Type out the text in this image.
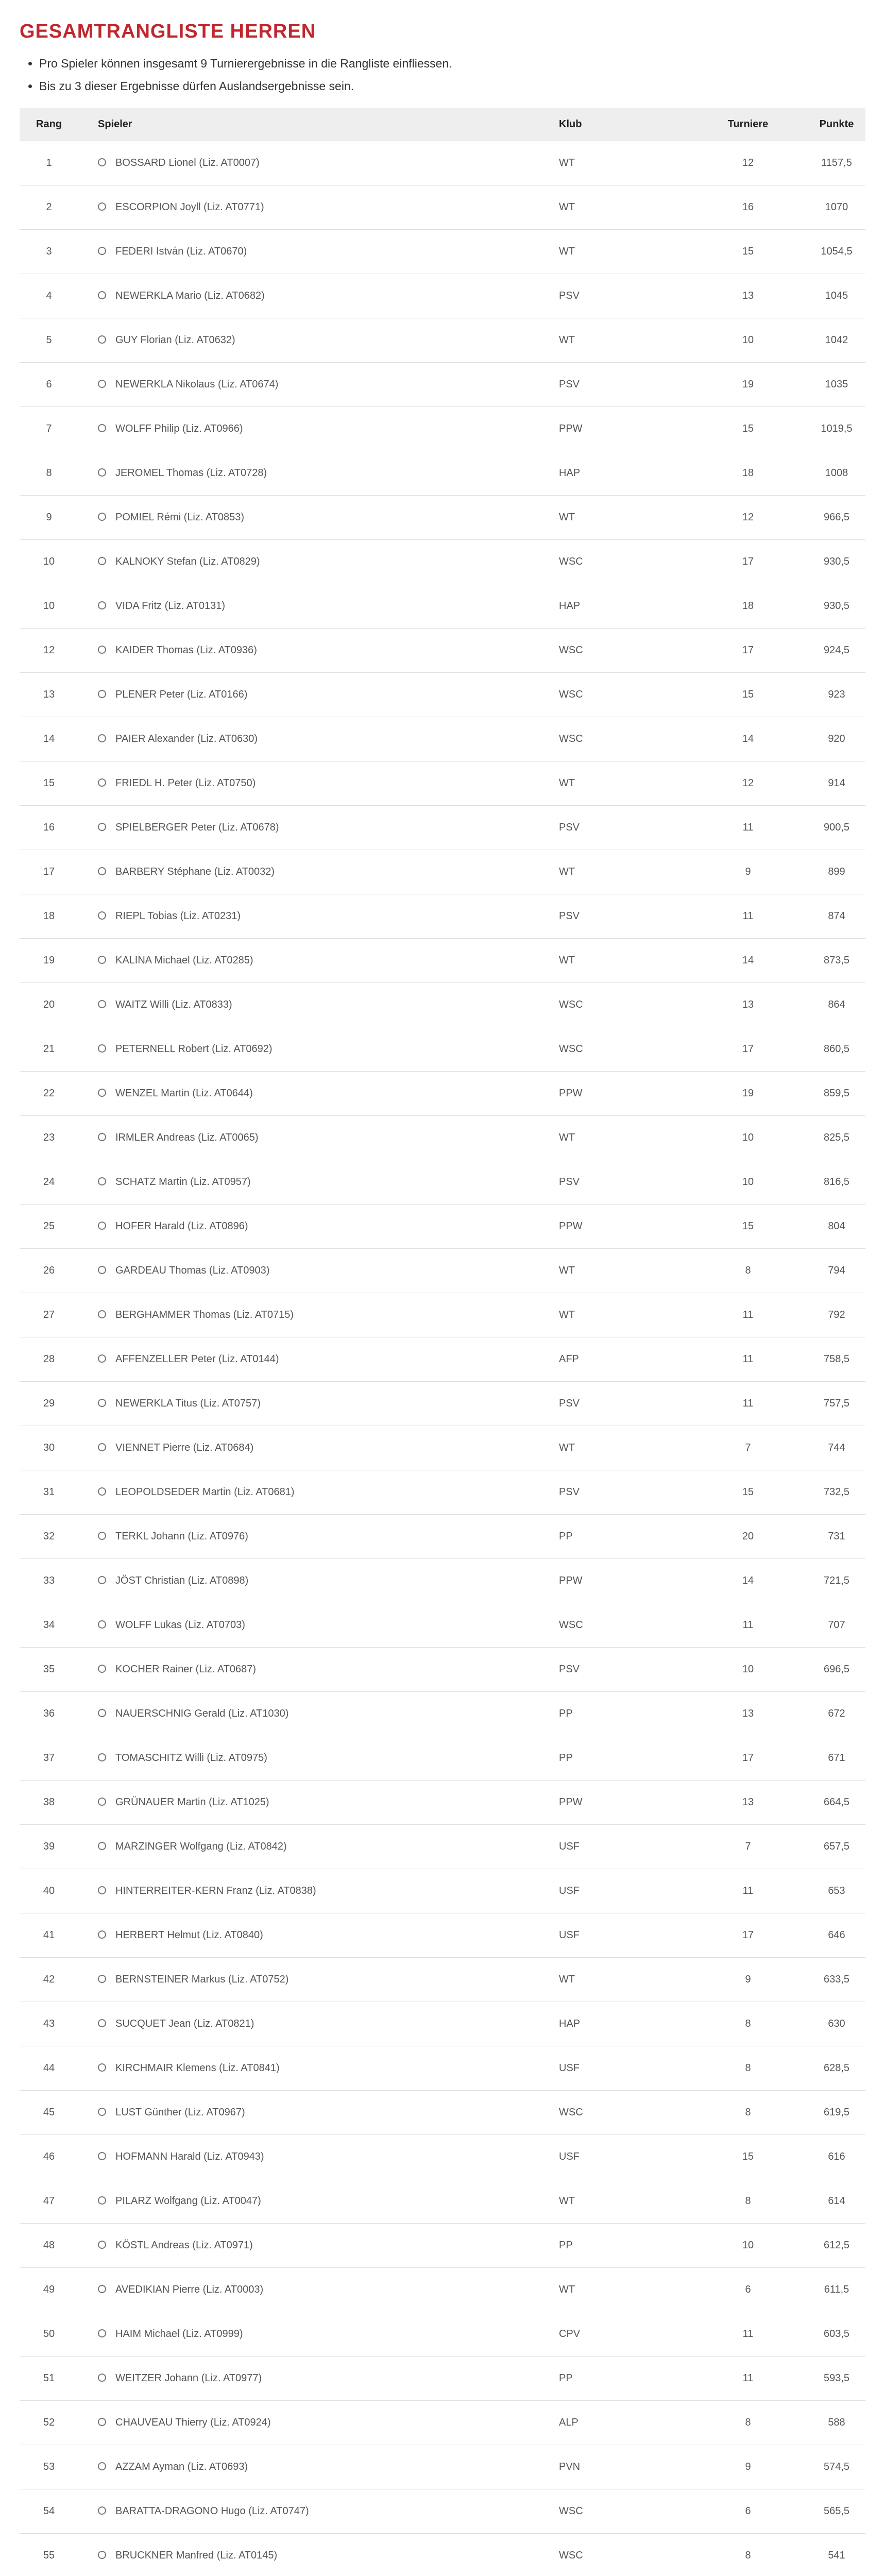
GESAMTRANGLISTE HERREN
• Pro Spieler können insgesamt 9 Turnierergebnisse in die Rangliste einfliessen.
• Bis zu 3 dieser Ergebnisse dürfen Auslandsergebnisse sein.
Rang	Spieler	Klub	Turniere	Punkte
1	BOSSARD Lionel (Liz. AT0007)	WT	12	1157,5
2	ESCORPION Joyll (Liz. AT0771)	WT	16	1070
3	FEDERI István (Liz. AT0670)	WT	15	1054,5
4	NEWERKLA Mario (Liz. AT0682)	PSV	13	1045
5	GUY Florian (Liz. AT0632)	WT	10	1042
6	NEWERKLA Nikolaus (Liz. AT0674)	PSV	19	1035
7	WOLFF Philip (Liz. AT0966)	PPW	15	1019,5
8	JEROMEL Thomas (Liz. AT0728)	HAP	18	1008
9	POMIEL Rémi (Liz. AT0853)	WT	12	966,5
10	KALNOKY Stefan (Liz. AT0829)	WSC	17	930,5
10	VIDA Fritz (Liz. AT0131)	HAP	18	930,5
12	KAIDER Thomas (Liz. AT0936)	WSC	17	924,5
13	PLENER Peter (Liz. AT0166)	WSC	15	923
14	PAIER Alexander (Liz. AT0630)	WSC	14	920
15	FRIEDL H. Peter (Liz. AT0750)	WT	12	914
16	SPIELBERGER Peter (Liz. AT0678)	PSV	11	900,5
17	BARBERY Stéphane (Liz. AT0032)	WT	9	899
18	RIEPL Tobias (Liz. AT0231)	PSV	11	874
19	KALINA Michael (Liz. AT0285)	WT	14	873,5
20	WAITZ Willi (Liz. AT0833)	WSC	13	864
21	PETERNELL Robert (Liz. AT0692)	WSC	17	860,5
22	WENZEL Martin (Liz. AT0644)	PPW	19	859,5
23	IRMLER Andreas (Liz. AT0065)	WT	10	825,5
24	SCHATZ Martin (Liz. AT0957)	PSV	10	816,5
25	HOFER Harald (Liz. AT0896)	PPW	15	804
26	GARDEAU Thomas (Liz. AT0903)	WT	8	794
27	BERGHAMMER Thomas (Liz. AT0715)	WT	11	792
28	AFFENZELLER Peter (Liz. AT0144)	AFP	11	758,5
29	NEWERKLA Titus (Liz. AT0757)	PSV	11	757,5
30	VIENNET Pierre (Liz. AT0684)	WT	7	744
31	LEOPOLDSEDER Martin (Liz. AT0681)	PSV	15	732,5
32	TERKL Johann (Liz. AT0976)	PP	20	731
33	JÖST Christian (Liz. AT0898)	PPW	14	721,5
34	WOLFF Lukas (Liz. AT0703)	WSC	11	707
35	KOCHER Rainer (Liz. AT0687)	PSV	10	696,5
36	NAUERSCHNIG Gerald (Liz. AT1030)	PP	13	672
37	TOMASCHITZ Willi (Liz. AT0975)	PP	17	671
38	GRÜNAUER Martin (Liz. AT1025)	PPW	13	664,5
39	MARZINGER Wolfgang (Liz. AT0842)	USF	7	657,5
40	HINTERREITER-KERN Franz (Liz. AT0838)	USF	11	653
41	HERBERT Helmut (Liz. AT0840)	USF	17	646
42	BERNSTEINER Markus (Liz. AT0752)	WT	9	633,5
43	SUCQUET Jean (Liz. AT0821)	HAP	8	630
44	KIRCHMAIR Klemens (Liz. AT0841)	USF	8	628,5
45	LUST Günther (Liz. AT0967)	WSC	8	619,5
46	HOFMANN Harald (Liz. AT0943)	USF	15	616
47	PILARZ Wolfgang (Liz. AT0047)	WT	8	614
48	KÖSTL Andreas (Liz. AT0971)	PP	10	612,5
49	AVEDIKIAN Pierre (Liz. AT0003)	WT	6	611,5
50	HAIM Michael (Liz. AT0999)	CPV	11	603,5
51	WEITZER Johann (Liz. AT0977)	PP	11	593,5
52	CHAUVEAU Thierry (Liz. AT0924)	ALP	8	588
53	AZZAM Ayman (Liz. AT0693)	PVN	9	574,5
54	BARATTA-DRAGONO Hugo (Liz. AT0747)	WSC	6	565,5
55	BRUCKNER Manfred (Liz. AT0145)	WSC	8	541
